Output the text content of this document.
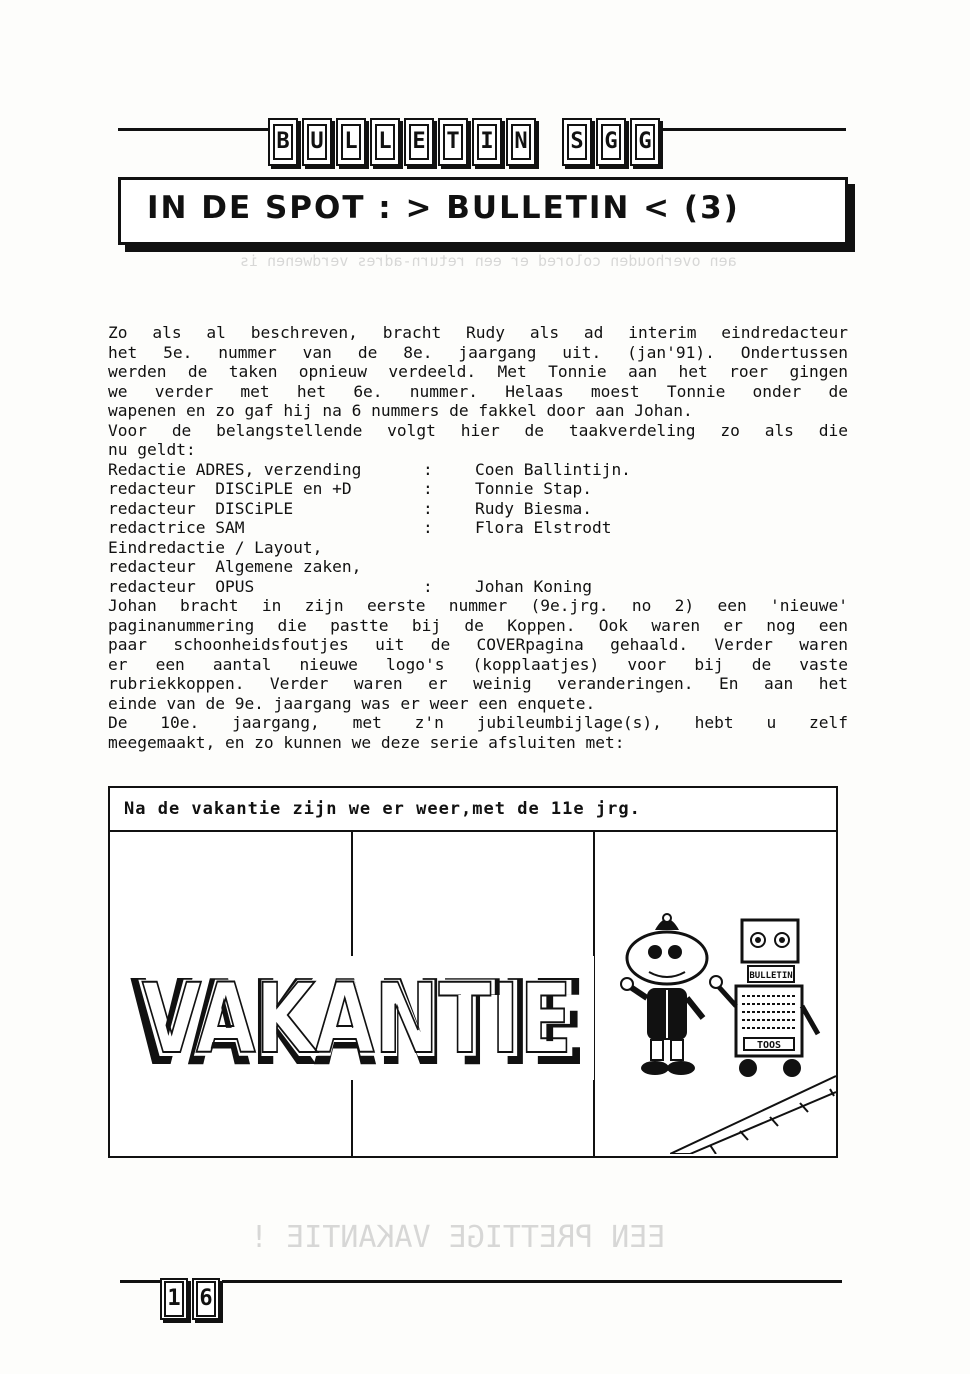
aen overhouden colored er een return-adres verdwenen is
EEN PRETTIGE VAKANTIE !
B U L L E T I N S G G
IN DE SPOT : > BULLETIN < (3)

Zo als al beschreven, bracht Rudy als ad interim eindredacteur

het 5e. nummer van de 8e. jaargang uit. (jan'91). Ondertussen

werden de taken opnieuw verdeeld. Met Tonnie aan het roer gingen

we verder met het 6e. nummer. Helaas moest Tonnie onder de

wapenen en zo gaf hij na 6 nummers de fakkel door aan Johan.

Voor de belangstellende volgt hier de taakverdeling zo als die

nu geldt:

Redactie ADRES, verzending	:	Coen Ballintijn.
redacteur  DISCiPLE en +D	:	Tonnie Stap.
redacteur  DISCiPLE	:	Rudy Biesma.
redactrice SAM	:	Flora Elstrodt
Eindredactie / Layout,
redacteur  Algemene zaken,
redacteur  OPUS	:	Johan Koning

Johan bracht in zijn eerste nummer (9e.jrg. no 2) een 'nieuwe'

paginanummering die pastte bij de Koppen. Ook waren er nog een

paar schoonheidsfoutjes uit de COVERpagina gehaald. Verder waren

er een aantal nieuwe logo's (kopplaatjes) voor bij de vaste

rubriekkoppen. Verder waren er weinig veranderingen. En aan het

einde van de 9e. jaargang was er weer een enquete.

De 10e. jaargang, met z'n jubileumbijlage(s), hebt u zelf

meegemaakt, en zo kunnen we deze serie afsluiten met:

Na de vakantie zijn we er weer,met de 11e jrg.
VAKANTIE
VAKANTIE
VAKANTIE	BULLETIN
TOOS
1 6
